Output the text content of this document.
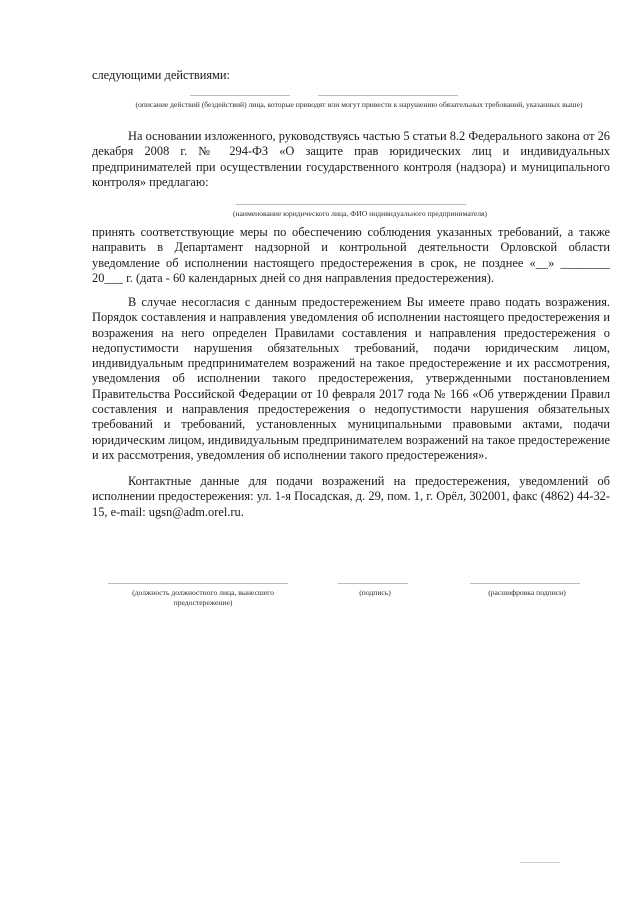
следующими действиями:
(описание действий (бездействий) лица, которые приводят или могут привести к нарушению обязательных требований, указанных выше)
На основании изложенного, руководствуясь частью 5 статьи 8.2 Федерального закона от 26 декабря 2008 г. № 294-ФЗ «О защите прав юридических лиц и индивидуальных предпринимателей при осуществлении государственного контроля (надзора) и муниципального контроля» предлагаю:
(наименование юридического лица, ФИО индивидуального предпринимателя)
принять соответствующие меры по обеспечению соблюдения указанных требований, а также направить в Департамент надзорной и контрольной деятельности Орловской области уведомление об исполнении настоящего предостережения в срок, не позднее «__» ________ 20___ г. (дата - 60 календарных дней со дня направления предостережения).
В случае несогласия с данным предостережением Вы имеете право подать возражения. Порядок составления и направления уведомления об исполнении настоящего предостережения и возражения на него определен Правилами составления и направления предостережения о недопустимости нарушения обязательных требований, подачи юридическим лицом, индивидуальным предпринимателем возражений на такое предостережение и их рассмотрения, уведомления об исполнении такого предостережения, утвержденными постановлением Правительства Российской Федерации от 10 февраля 2017 года № 166 «Об утверждении Правил составления и направления предостережения о недопустимости нарушения обязательных требований и требований, установленных муниципальными правовыми актами, подачи юридическим лицом, индивидуальным предпринимателем возражений на такое предостережение и их рассмотрения, уведомления об исполнении такого предостережения».
Контактные данные для подачи возражений на предостережения, уведомлений об исполнении предостережения: ул. 1-я Посадская, д. 29, пом. 1, г. Орёл, 302001, факс (4862) 44-32-15, e-mail: ugsn@adm.orel.ru.
(должность должностного лица, вынесшего предостережение)
(подпись)	(расшифровка подписи)
